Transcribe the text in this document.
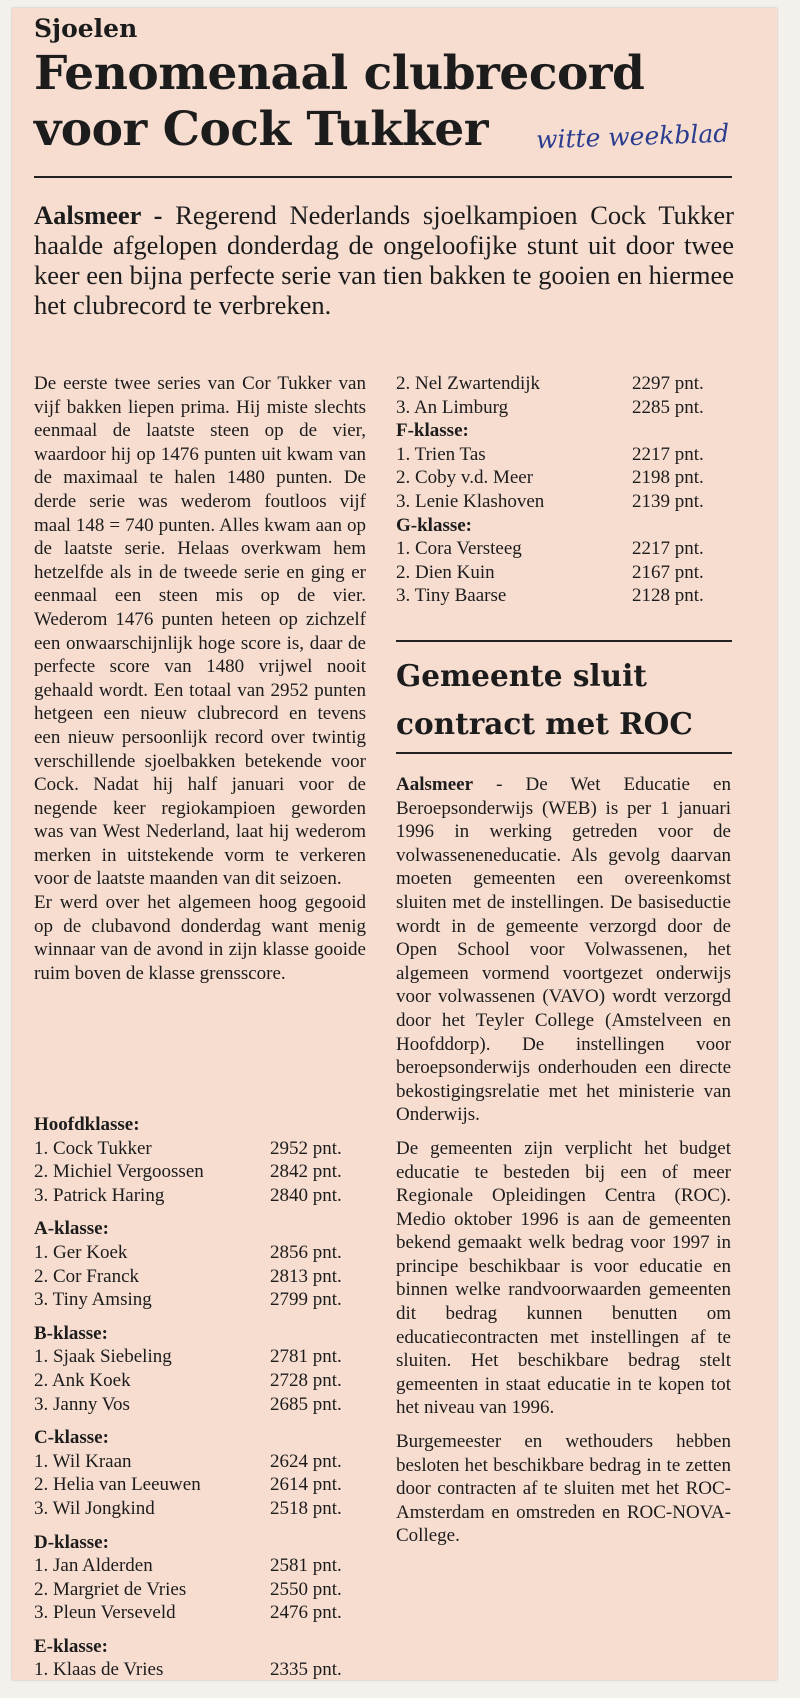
Sjoelen
Fenomenaal clubrecord
voor Cock Tukker	witte weekblad
Aalsmeer - Regerend Nederlands sjoelkampioen Cock Tukker haalde afgelopen donderdag de ongeloofijke stunt uit door twee keer een bijna perfecte serie van tien bakken te gooien en hiermee het clubrecord te verbreken.

De eerste twee series van Cor Tukker van vijf bakken liepen prima. Hij miste slechts eenmaal de laatste steen op de vier, waardoor hij op 1476 punten uit kwam van de maximaal te halen 1480 punten. De derde serie was wederom foutloos vijf maal 148 = 740 punten. Alles kwam aan op de laatste serie. Helaas overkwam hem hetzelfde als in de tweede serie en ging er eenmaal een steen mis op de vier. Wederom 1476 punten heteen op zichzelf een onwaarschijnlijk hoge score is, daar de perfecte score van 1480 vrijwel nooit gehaald wordt. Een totaal van 2952 punten hetgeen een nieuw clubrecord en tevens een nieuw persoonlijk record over twintig verschillende sjoelbakken betekende voor Cock. Nadat hij half januari voor de negende keer regiokampioen geworden was van West Nederland, laat hij wederom merken in uitstekende vorm te verkeren voor de laatste maanden van dit seizoen.

Er werd over het algemeen hoog gegooid op de clubavond donderdag want menig winnaar van de avond in zijn klasse gooide ruim boven de klasse grensscore.

Hoofdklasse:
1. Cock Tukker	2952 pnt.
2. Michiel Vergoossen	2842 pnt.
3. Patrick Haring	2840 pnt.
A-klasse:
1. Ger Koek	2856 pnt.
2. Cor Franck	2813 pnt.
3. Tiny Amsing	2799 pnt.
B-klasse:
1. Sjaak Siebeling	2781 pnt.
2. Ank Koek	2728 pnt.
3. Janny Vos	2685 pnt.
C-klasse:
1. Wil Kraan	2624 pnt.
2. Helia van Leeuwen	2614 pnt.
3. Wil Jongkind	2518 pnt.
D-klasse:
1. Jan Alderden	2581 pnt.
2. Margriet de Vries	2550 pnt.
3. Pleun Verseveld	2476 pnt.
E-klasse:
1. Klaas de Vries	2335 pnt.
2. Nel Zwartendijk	2297 pnt.
3. An Limburg	2285 pnt.
F-klasse:
1. Trien Tas	2217 pnt.
2. Coby v.d. Meer	2198 pnt.
3. Lenie Klashoven	2139 pnt.
G-klasse:
1. Cora Versteeg	2217 pnt.
2. Dien Kuin	2167 pnt.
3. Tiny Baarse	2128 pnt.
Gemeente sluit
contract met ROC

Aalsmeer - De Wet Educatie en Beroepsonderwijs (WEB) is per 1 januari 1996 in werking getreden voor de volwasseneneducatie. Als gevolg daarvan moeten gemeenten een overeenkomst sluiten met de instellingen. De basiseductie wordt in de gemeente verzorgd door de Open School voor Volwassenen, het algemeen vormend voortgezet onderwijs voor volwassenen (VAVO) wordt verzorgd door het Teyler College (Amstelveen en Hoofddorp). De instellingen voor beroepsonderwijs onderhouden een directe bekostigingsrelatie met het ministerie van Onderwijs.

De gemeenten zijn verplicht het budget educatie te besteden bij een of meer Regionale Opleidingen Centra (ROC). Medio oktober 1996 is aan de gemeenten bekend gemaakt welk bedrag voor 1997 in principe beschikbaar is voor educatie en binnen welke randvoorwaarden gemeenten dit bedrag kunnen benutten om educatiecontracten met instellingen af te sluiten. Het beschikbare bedrag stelt gemeenten in staat educatie in te kopen tot het niveau van 1996.

Burgemeester en wethouders hebben besloten het beschikbare bedrag in te zetten door contracten af te sluiten met het ROC-Amsterdam en omstreden en ROC-NOVA-College.
